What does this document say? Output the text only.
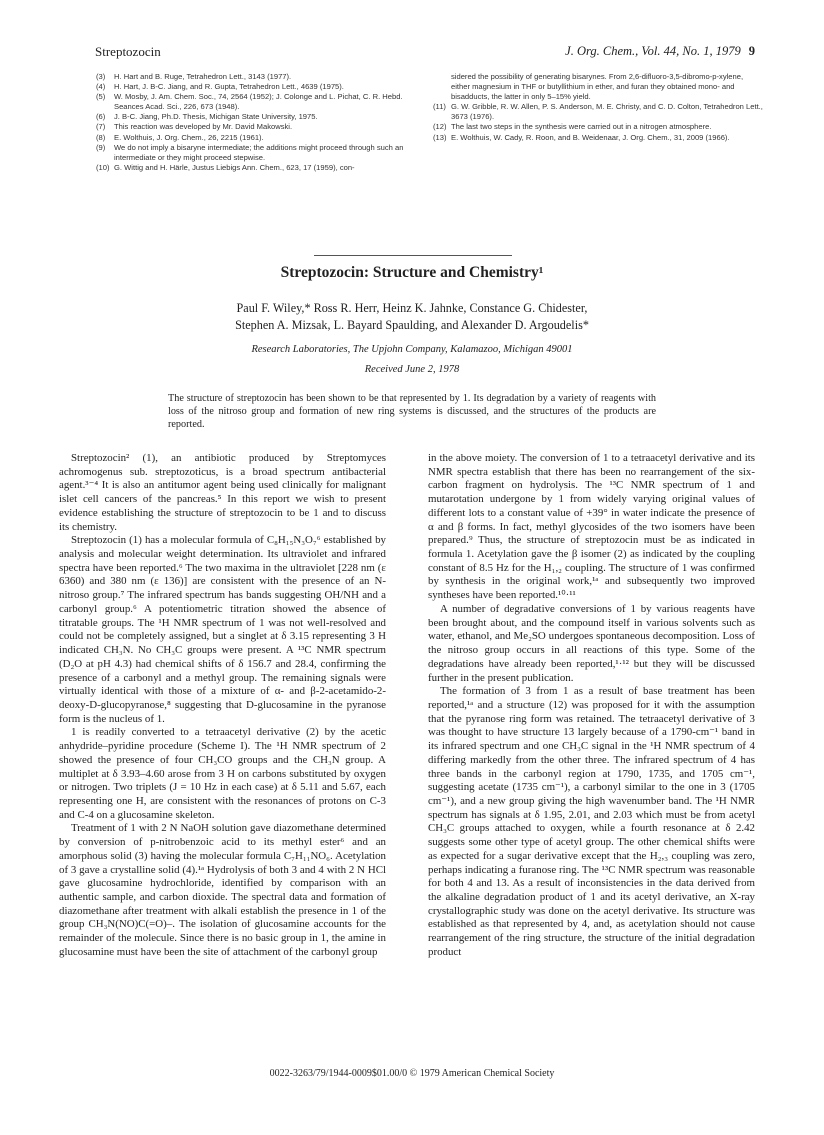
Streptozocin	J. Org. Chem., Vol. 44, No. 1, 1979 9
(3) H. Hart and B. Ruge, Tetrahedron Lett., 3143 (1977).
(4) H. Hart, J. B-C. Jiang, and R. Gupta, Tetrahedron Lett., 4639 (1975).
(5) W. Mosby, J. Am. Chem. Soc., 74, 2564 (1952); J. Colonge and L. Pichat, C. R. Hebd. Seances Acad. Sci., 226, 673 (1948).
(6) J. B-C. Jiang, Ph.D. Thesis, Michigan State University, 1975.
(7) This reaction was developed by Mr. David Makowski.
(8) E. Wolthuis, J. Org. Chem., 26, 2215 (1961).
(9) We do not imply a bisaryne intermediate; the additions might proceed through such an intermediate or they might proceed stepwise.
(10) G. Wittig and H. Härle, Justus Liebigs Ann. Chem., 623, 17 (1959), con-
sidered the possibility of generating bisarynes. From 2,6-difluoro-3,5-dibromo-p-xylene, either magnesium in THF or butyllithium in ether, and furan they obtained mono- and bisadducts, the latter in only 5–15% yield.
(11) G. W. Gribble, R. W. Allen, P. S. Anderson, M. E. Christy, and C. D. Colton, Tetrahedron Lett., 3673 (1976).
(12) The last two steps in the synthesis were carried out in a nitrogen atmosphere.
(13) E. Wolthuis, W. Cady, R. Roon, and B. Weidenaar, J. Org. Chem., 31, 2009 (1966).
Streptozocin: Structure and Chemistry¹
Paul F. Wiley,* Ross R. Herr, Heinz K. Jahnke, Constance G. Chidester,
Stephen A. Mizsak, L. Bayard Spaulding, and Alexander D. Argoudelis*
Research Laboratories, The Upjohn Company, Kalamazoo, Michigan 49001
Received June 2, 1978
The structure of streptozocin has been shown to be that represented by 1. Its degradation by a variety of reagents with loss of the nitroso group and formation of new ring systems is discussed, and the structures of the products are reported.

Streptozocin² (1), an antibiotic produced by Streptomyces achromogenus sub. streptozoticus, is a broad spectrum antibacterial agent.³⁻⁴ It is also an antitumor agent being used clinically for malignant islet cell cancers of the pancreas.⁵ In this report we wish to present evidence establishing the structure of streptozocin to be 1 and to discuss its chemistry.

Streptozocin (1) has a molecular formula of C₈H₁₅N₃O₇⁶ established by analysis and molecular weight determination. Its ultraviolet and infrared spectra have been reported.⁶ The two maxima in the ultraviolet [228 nm (ε 6360) and 380 nm (ε 136)] are consistent with the presence of an N-nitroso group.⁷ The infrared spectrum has bands suggesting OH/NH and a carbonyl group.⁶ A potentiometric titration showed the absence of titratable groups. The ¹H NMR spectrum of 1 was not well-resolved and could not be completely assigned, but a singlet at δ 3.15 representing 3 H indicated CH₃N. No CH₃C groups were present. A ¹³C NMR spectrum (D₂O at pH 4.3) had chemical shifts of δ 156.7 and 28.4, confirming the presence of a carbonyl and a methyl group. The remaining signals were virtually identical with those of a mixture of α- and β-2-acetamido-2-deoxy-D-glucopyranose,⁸ suggesting that D-glucosamine in the pyranose form is the nucleus of 1.

1 is readily converted to a tetraacetyl derivative (2) by the acetic anhydride–pyridine procedure (Scheme I). The ¹H NMR spectrum of 2 showed the presence of four CH₃CO groups and the CH₃N group. A multiplet at δ 3.93–4.60 arose from 3 H on carbons substituted by oxygen or nitrogen. Two triplets (J = 10 Hz in each case) at δ 5.11 and 5.67, each representing one H, are consistent with the resonances of protons on C-3 and C-4 on a glucosamine skeleton.

Treatment of 1 with 2 N NaOH solution gave diazomethane determined by conversion of p-nitrobenzoic acid to its methyl ester⁶ and an amorphous solid (3) having the molecular formula C₇H₁₁NO₆. Acetylation of 3 gave a crystalline solid (4).¹ᵃ Hydrolysis of both 3 and 4 with 2 N HCl gave glucosamine hydrochloride, identified by comparison with an authentic sample, and carbon dioxide. The spectral data and formation of diazomethane after treatment with alkali establish the presence in 1 of the group CH₃N(NO)C(=O)–. The isolation of glucosamine accounts for the remainder of the molecule. Since there is no basic group in 1, the amine in glucosamine must have been the site of attachment of the carbonyl group

in the above moiety. The conversion of 1 to a tetraacetyl derivative and its NMR spectra establish that there has been no rearrangement of the six-carbon fragment on hydrolysis. The ¹³C NMR spectrum of 1 and mutarotation undergone by 1 from widely varying original values of different lots to a constant value of +39° in water indicate the presence of α and β forms. In fact, methyl glycosides of the two isomers have been prepared.⁹ Thus, the structure of streptozocin must be as indicated in formula 1. Acetylation gave the β isomer (2) as indicated by the coupling constant of 8.5 Hz for the H₁,₂ coupling. The structure of 1 was confirmed by synthesis in the original work,¹ᵃ and subsequently two improved syntheses have been reported.¹⁰·¹¹

A number of degradative conversions of 1 by various reagents have been brought about, and the compound itself in various solvents such as water, ethanol, and Me₂SO undergoes spontaneous decomposition. Loss of the nitroso group occurs in all reactions of this type. Some of the degradations have already been reported,¹·¹² but they will be discussed further in the present publication.

The formation of 3 from 1 as a result of base treatment has been reported,¹ᵃ and a structure (12) was proposed for it with the assumption that the pyranose ring form was retained. The tetraacetyl derivative of 3 was thought to have structure 13 largely because of a 1790-cm⁻¹ band in its infrared spectrum and one CH₃C signal in the ¹H NMR spectrum of 4 differing markedly from the other three. The infrared spectrum of 4 has three bands in the carbonyl region at 1790, 1735, and 1705 cm⁻¹, suggesting acetate (1735 cm⁻¹), a carbonyl similar to the one in 3 (1705 cm⁻¹), and a new group giving the high wavenumber band. The ¹H NMR spectrum has signals at δ 1.95, 2.01, and 2.03 which must be from acetyl CH₃C groups attached to oxygen, while a fourth resonance at δ 2.42 suggests some other type of acetyl group. The other chemical shifts were as expected for a sugar derivative except that the H₂,₃ coupling was zero, perhaps indicating a furanose ring. The ¹³C NMR spectrum was reasonable for both 4 and 13. As a result of inconsistencies in the data derived from the alkaline degradation product of 1 and its acetyl derivative, an X-ray crystallographic study was done on the acetyl derivative. Its structure was established as that represented by 4, and, as acetylation should not cause rearrangement of the ring structure, the structure of the initial degradation product

0022-3263/79/1944-0009$01.00/0 © 1979 American Chemical Society
